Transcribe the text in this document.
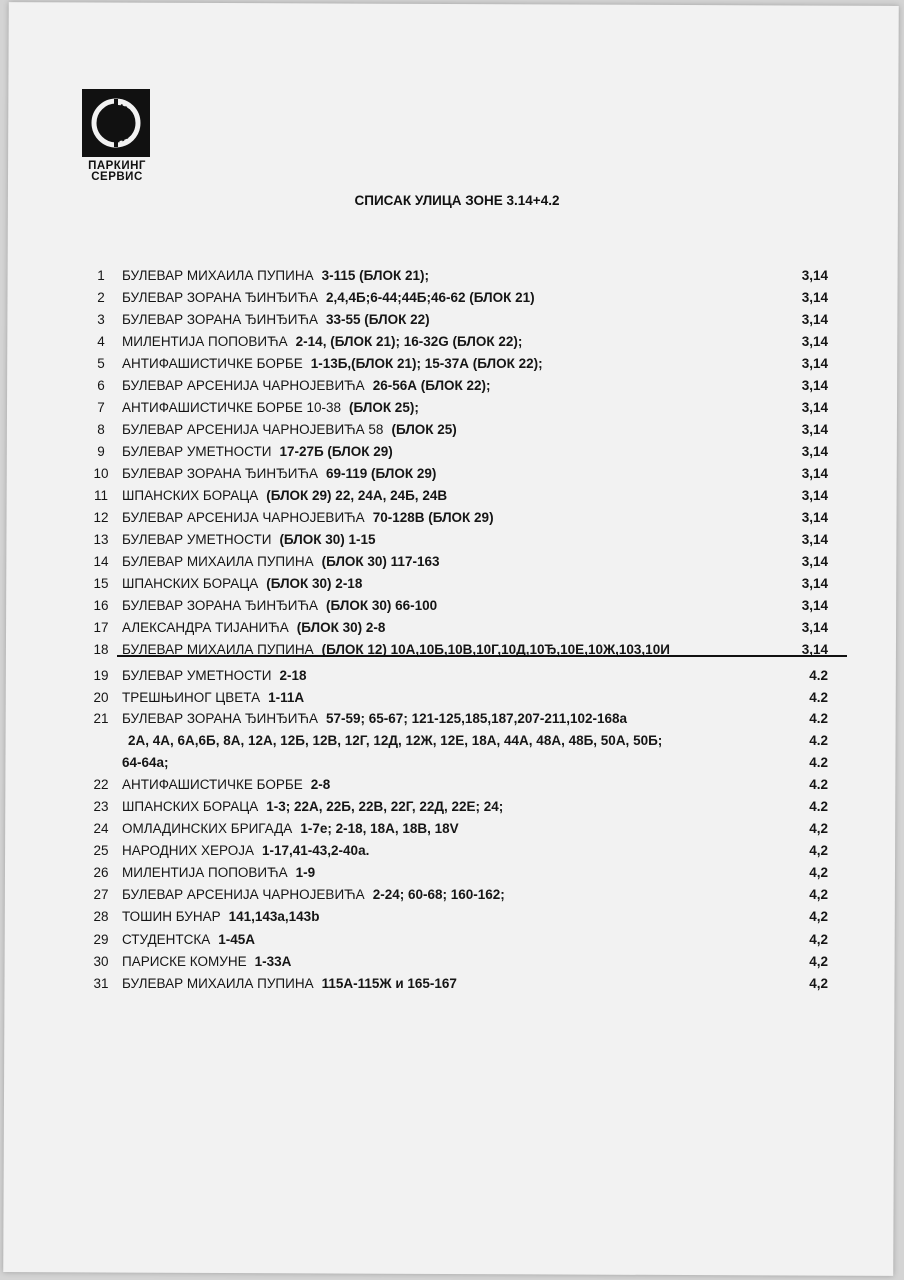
ПАРКИНГ
СЕРВИС
СПИСАК УЛИЦА ЗОНЕ 3.14+4.2
1	БУЛЕВАР МИХАИЛА ПУПИНА 3-115 (БЛОК 21);	3,14
2	БУЛЕВАР ЗОРАНА ЂИНЂИЋА 2,4,4Б;6-44;44Б;46-62 (БЛОК 21)	3,14
3	БУЛЕВАР ЗОРАНА ЂИНЂИЋА 33-55 (БЛОК 22)	3,14
4	МИЛЕНТИЈА ПОПОВИЋА 2-14, (БЛОК 21); 16-32G (БЛОК 22);	3,14
5	АНТИФАШИСТИЧКЕ БОРБЕ 1-13Б,(БЛОК 21); 15-37А (БЛОК 22);	3,14
6	БУЛЕВАР АРСЕНИЈА ЧАРНОЈЕВИЋА 26-56А (БЛОК 22);	3,14
7	АНТИФАШИСТИЧКЕ БОРБЕ 10-38 (БЛОК 25);	3,14
8	БУЛЕВАР АРСЕНИЈА ЧАРНОЈЕВИЋА 58 (БЛОК 25)	3,14
9	БУЛЕВАР УМЕТНОСТИ 17-27Б (БЛОК 29)	3,14
10 БУЛЕВАР ЗОРАНА ЂИНЂИЋА 69-119 (БЛОК 29)	3,14
11	ШПАНСКИХ БОРАЦА (БЛОК 29) 22, 24А, 24Б, 24В	3,14
12 БУЛЕВАР АРСЕНИЈА ЧАРНОЈЕВИЋА 70-128В (БЛОК 29)	3,14
13 БУЛЕВАР УМЕТНОСТИ (БЛОК 30) 1-15	3,14
14 БУЛЕВАР МИХАИЛА ПУПИНА (БЛОК 30) 117-163	3,14
15 ШПАНСКИХ БОРАЦА (БЛОК 30) 2-18	3,14
16 БУЛЕВАР ЗОРАНА ЂИНЂИЋА (БЛОК 30) 66-100	3,14
17 АЛЕКСАНДРА ТИЈАНИЋА (БЛОК 30) 2-8	3,14
18 БУЛЕВАР МИХАИЛА ПУПИНА (БЛОК 12) 10А,10Б,10В,10Г,10Д,10Ђ,10Е,10Ж,103,10И	3,14
19 БУЛЕВАР УМЕТНОСТИ 2-18	4.2
20 ТРЕШЊИНОГ ЦВЕТА 1-11А	4.2
21 БУЛЕВАР ЗОРАНА ЂИНЂИЋА 57-59; 65-67; 121-125,185,187,207-211,102-168а	4.2
2А, 4А, 6А,6Б, 8А, 12А, 12Б, 12В, 12Г, 12Д, 12Ж, 12Е, 18А, 44А, 48А, 48Б, 50А, 50Б;	4.2
64-64а;	4.2
22 АНТИФАШИСТИЧКЕ БОРБЕ 2-8	4.2
23 ШПАНСКИХ БОРАЦА 1-3; 22А, 22Б, 22В, 22Г, 22Д, 22Е; 24;	4.2
24 ОМЛАДИНСКИХ БРИГАДА 1-7е; 2-18, 18А, 18В, 18V	4,2
25 НАРОДНИХ ХЕРОЈА 1-17,41-43,2-40а.	4,2
26 МИЛЕНТИЈА ПОПОВИЋА 1-9	4,2
27 БУЛЕВАР АРСЕНИЈА ЧАРНОЈЕВИЋА 2-24; 60-68; 160-162;	4,2
28 ТОШИН БУНАР 141,143а,143b	4,2
29 СТУДЕНТСКА 1-45А	4,2
30 ПАРИСКЕ КОМУНЕ 1-33А	4,2
31 БУЛЕВАР МИХАИЛА ПУПИНА 115А-115Ж и 165-167	4,2
